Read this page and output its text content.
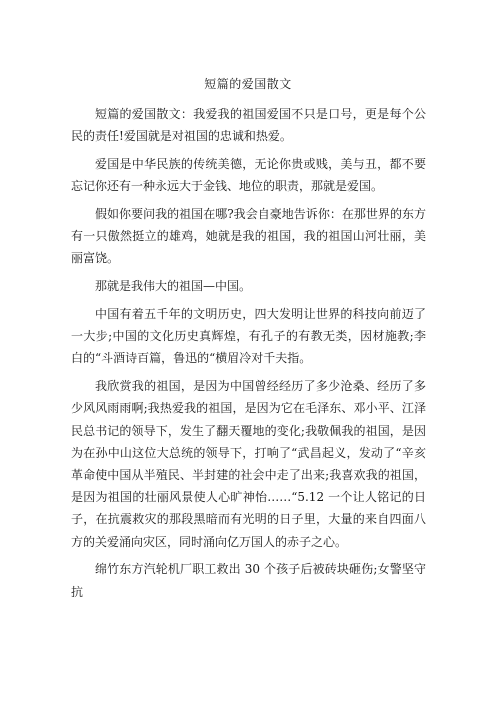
短篇的爱国散文

短篇的爱国散文：我爱我的祖国爱国不只是口号，更是每个公民的责任!爱国就是对祖国的忠诚和热爱。

爱国是中华民族的传统美德，无论你贵或贱，美与丑，都不要忘记你还有一种永远大于金钱、地位的职责，那就是爱国。

假如你要问我的祖国在哪?我会自豪地告诉你：在那世界的东方有一只傲然挺立的雄鸡，她就是我的祖国，我的祖国山河壮丽，美丽富饶。

那就是我伟大的祖国—中国。

中国有着五千年的文明历史，四大发明让世界的科技向前迈了一大步;中国的文化历史真辉煌，有孔子的有教无类，因材施教;李白的“斗酒诗百篇，鲁迅的“横眉冷对千夫指。

我欣赏我的祖国，是因为中国曾经经历了多少沧桑、经历了多少风风雨雨啊;我热爱我的祖国，是因为它在毛泽东、邓小平、江泽民总书记的领导下，发生了翻天覆地的变化;我敬佩我的祖国，是因为在孙中山这位大总统的领导下，打响了“武昌起义，发动了“辛亥革命使中国从半殖民、半封建的社会中走了出来;我喜欢我的祖国，是因为祖国的壮丽风景使人心旷神怡……“5.12 一个让人铭记的日子，在抗震救灾的那段黑暗而有光明的日子里，大量的来自四面八方的关爱涌向灾区，同时涌向亿万国人的赤子之心。

绵竹东方汽轮机厂职工救出 30 个孩子后被砖块砸伤;女警坚守抗
